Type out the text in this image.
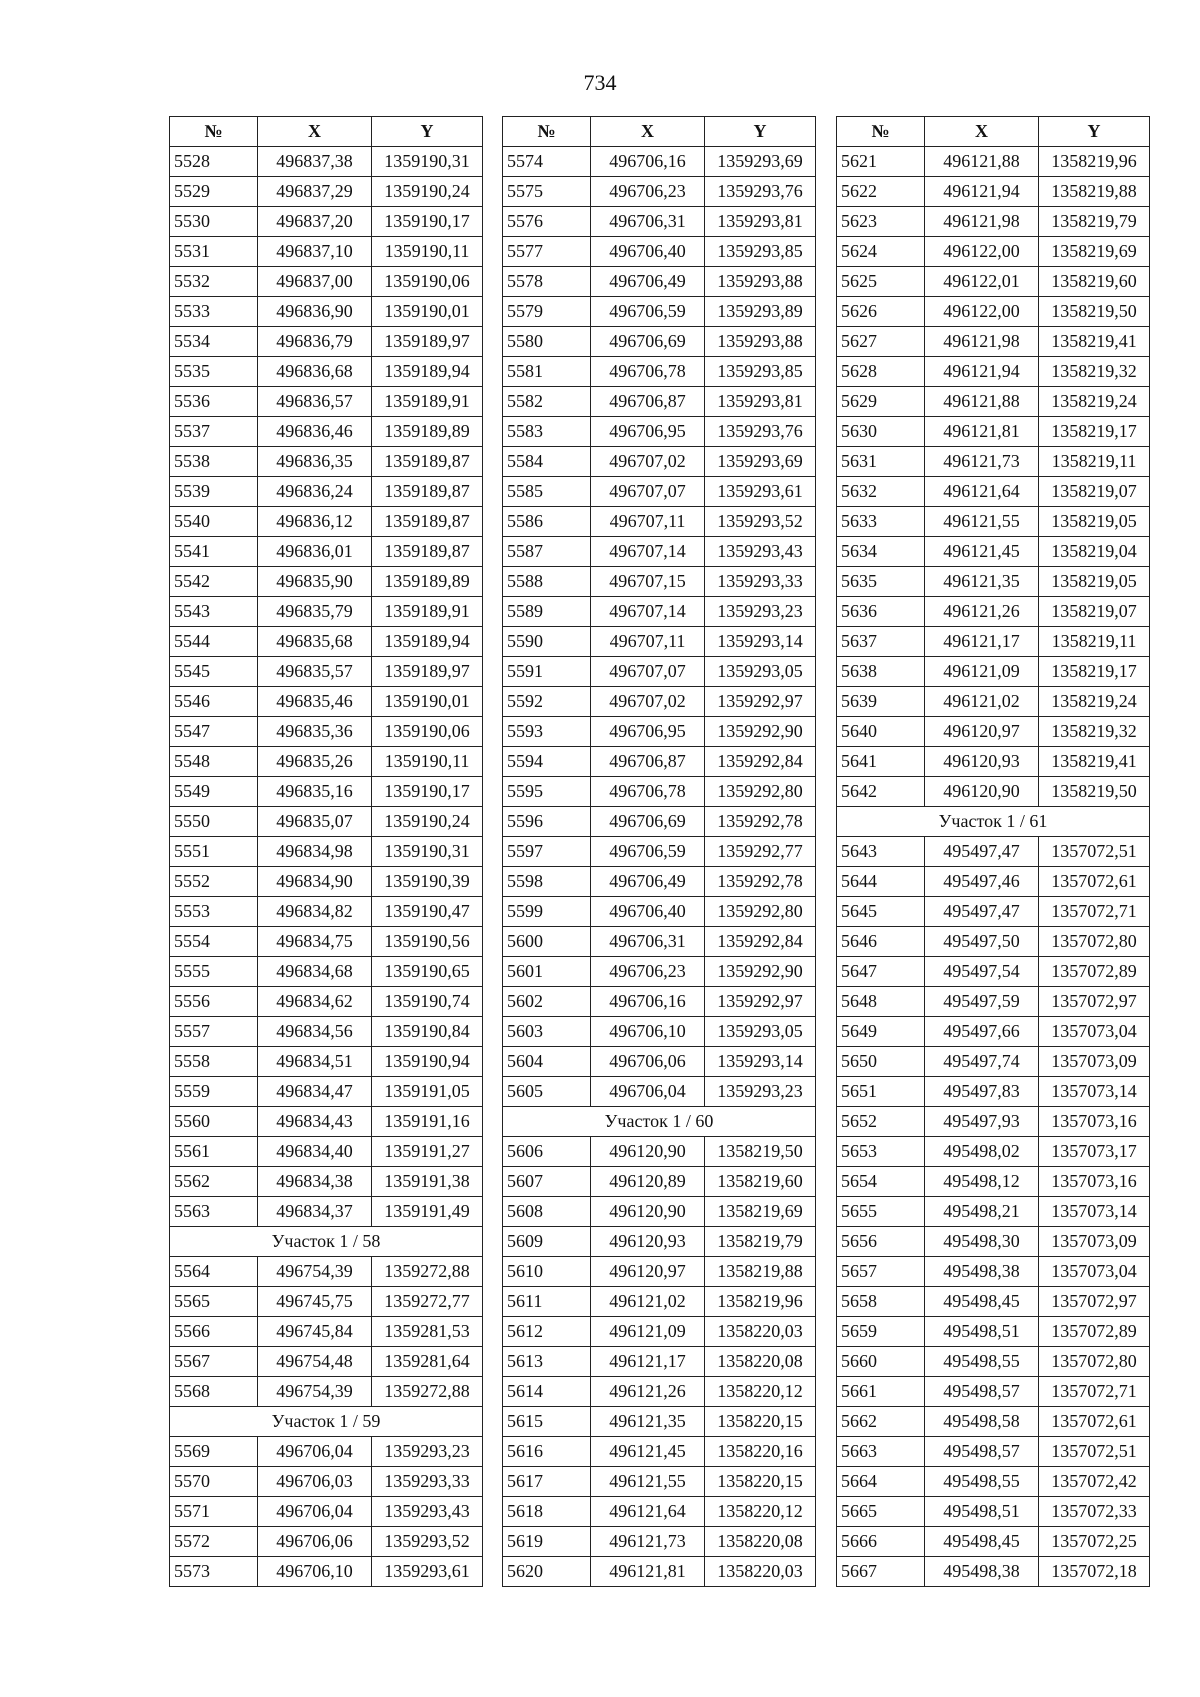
734
№	X	Y
5528	496837,38	1359190,31
5529	496837,29	1359190,24
5530	496837,20	1359190,17
5531	496837,10	1359190,11
5532	496837,00	1359190,06
5533	496836,90	1359190,01
5534	496836,79	1359189,97
5535	496836,68	1359189,94
5536	496836,57	1359189,91
5537	496836,46	1359189,89
5538	496836,35	1359189,87
5539	496836,24	1359189,87
5540	496836,12	1359189,87
5541	496836,01	1359189,87
5542	496835,90	1359189,89
5543	496835,79	1359189,91
5544	496835,68	1359189,94
5545	496835,57	1359189,97
5546	496835,46	1359190,01
5547	496835,36	1359190,06
5548	496835,26	1359190,11
5549	496835,16	1359190,17
5550	496835,07	1359190,24
5551	496834,98	1359190,31
5552	496834,90	1359190,39
5553	496834,82	1359190,47
5554	496834,75	1359190,56
5555	496834,68	1359190,65
5556	496834,62	1359190,74
5557	496834,56	1359190,84
5558	496834,51	1359190,94
5559	496834,47	1359191,05
5560	496834,43	1359191,16
5561	496834,40	1359191,27
5562	496834,38	1359191,38
5563	496834,37	1359191,49
Участок 1 / 58		
5564	496754,39	1359272,88
5565	496745,75	1359272,77
5566	496745,84	1359281,53
5567	496754,48	1359281,64
5568	496754,39	1359272,88
Участок 1 / 59		
5569	496706,04	1359293,23
5570	496706,03	1359293,33
5571	496706,04	1359293,43
5572	496706,06	1359293,52
5573	496706,10	1359293,61
№	X	Y
5574	496706,16	1359293,69
5575	496706,23	1359293,76
5576	496706,31	1359293,81
5577	496706,40	1359293,85
5578	496706,49	1359293,88
5579	496706,59	1359293,89
5580	496706,69	1359293,88
5581	496706,78	1359293,85
5582	496706,87	1359293,81
5583	496706,95	1359293,76
5584	496707,02	1359293,69
5585	496707,07	1359293,61
5586	496707,11	1359293,52
5587	496707,14	1359293,43
5588	496707,15	1359293,33
5589	496707,14	1359293,23
5590	496707,11	1359293,14
5591	496707,07	1359293,05
5592	496707,02	1359292,97
5593	496706,95	1359292,90
5594	496706,87	1359292,84
5595	496706,78	1359292,80
5596	496706,69	1359292,78
5597	496706,59	1359292,77
5598	496706,49	1359292,78
5599	496706,40	1359292,80
5600	496706,31	1359292,84
5601	496706,23	1359292,90
5602	496706,16	1359292,97
5603	496706,10	1359293,05
5604	496706,06	1359293,14
5605	496706,04	1359293,23
Участок 1 / 60		
5606	496120,90	1358219,50
5607	496120,89	1358219,60
5608	496120,90	1358219,69
5609	496120,93	1358219,79
5610	496120,97	1358219,88
5611	496121,02	1358219,96
5612	496121,09	1358220,03
5613	496121,17	1358220,08
5614	496121,26	1358220,12
5615	496121,35	1358220,15
5616	496121,45	1358220,16
5617	496121,55	1358220,15
5618	496121,64	1358220,12
5619	496121,73	1358220,08
5620	496121,81	1358220,03
№	X	Y
5621	496121,88	1358219,96
5622	496121,94	1358219,88
5623	496121,98	1358219,79
5624	496122,00	1358219,69
5625	496122,01	1358219,60
5626	496122,00	1358219,50
5627	496121,98	1358219,41
5628	496121,94	1358219,32
5629	496121,88	1358219,24
5630	496121,81	1358219,17
5631	496121,73	1358219,11
5632	496121,64	1358219,07
5633	496121,55	1358219,05
5634	496121,45	1358219,04
5635	496121,35	1358219,05
5636	496121,26	1358219,07
5637	496121,17	1358219,11
5638	496121,09	1358219,17
5639	496121,02	1358219,24
5640	496120,97	1358219,32
5641	496120,93	1358219,41
5642	496120,90	1358219,50
Участок 1 / 61		
5643	495497,47	1357072,51
5644	495497,46	1357072,61
5645	495497,47	1357072,71
5646	495497,50	1357072,80
5647	495497,54	1357072,89
5648	495497,59	1357072,97
5649	495497,66	1357073,04
5650	495497,74	1357073,09
5651	495497,83	1357073,14
5652	495497,93	1357073,16
5653	495498,02	1357073,17
5654	495498,12	1357073,16
5655	495498,21	1357073,14
5656	495498,30	1357073,09
5657	495498,38	1357073,04
5658	495498,45	1357072,97
5659	495498,51	1357072,89
5660	495498,55	1357072,80
5661	495498,57	1357072,71
5662	495498,58	1357072,61
5663	495498,57	1357072,51
5664	495498,55	1357072,42
5665	495498,51	1357072,33
5666	495498,45	1357072,25
5667	495498,38	1357072,18
